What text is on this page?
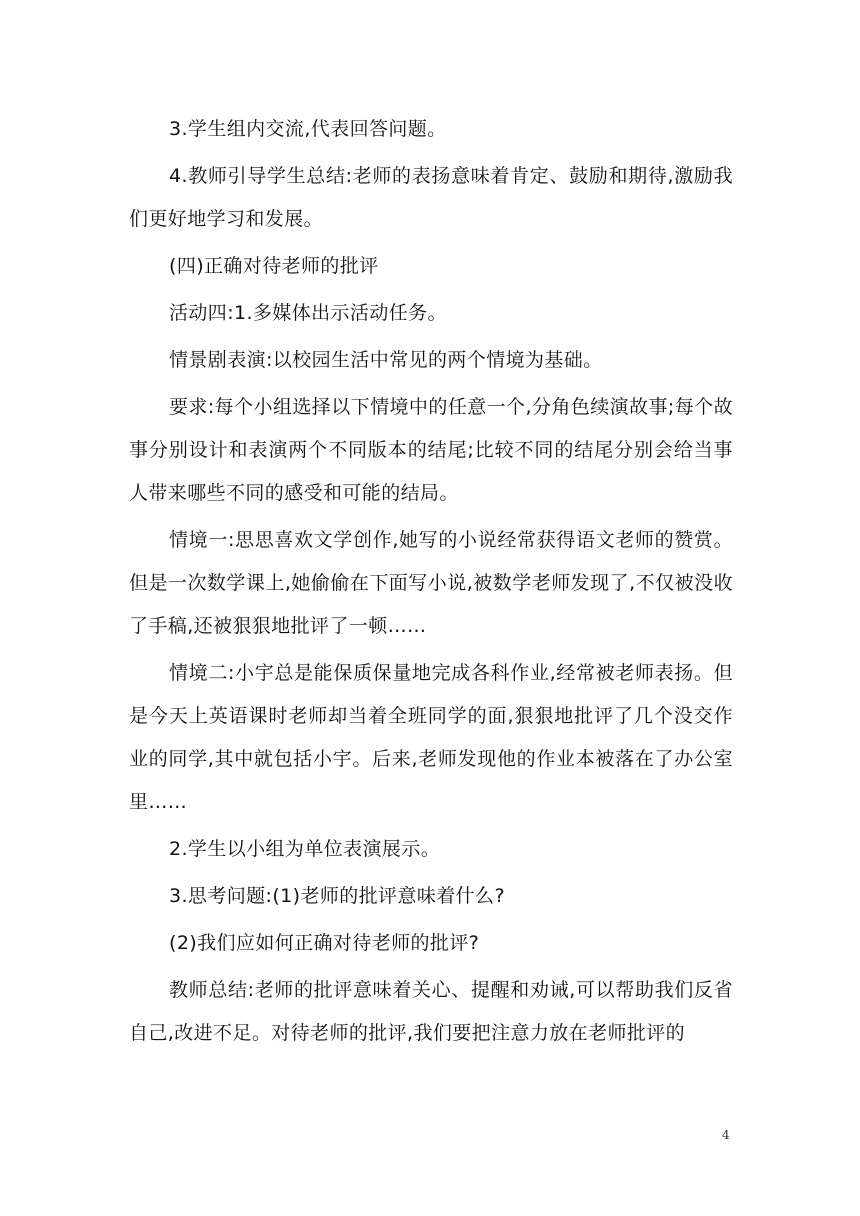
3.学生组内交流,代表回答问题。

4.教师引导学生总结:老师的表扬意味着肯定、鼓励和期待,激励我们更好地学习和发展。

(四)正确对待老师的批评

活动四:1.多媒体出示活动任务。

情景剧表演:以校园生活中常见的两个情境为基础。

要求:每个小组选择以下情境中的任意一个,分角色续演故事;每个故事分别设计和表演两个不同版本的结尾;比较不同的结尾分别会给当事人带来哪些不同的感受和可能的结局。

情境一:思思喜欢文学创作,她写的小说经常获得语文老师的赞赏。但是一次数学课上,她偷偷在下面写小说,被数学老师发现了,不仅被没收了手稿,还被狠狠地批评了一顿……

情境二:小宇总是能保质保量地完成各科作业,经常被老师表扬。但是今天上英语课时老师却当着全班同学的面,狠狠地批评了几个没交作业的同学,其中就包括小宇。后来,老师发现他的作业本被落在了办公室里……

2.学生以小组为单位表演展示。

3.思考问题:(1)老师的批评意味着什么?

(2)我们应如何正确对待老师的批评?

教师总结:老师的批评意味着关心、提醒和劝诫,可以帮助我们反省自己,改进不足。对待老师的批评,我们要把注意力放在老师批评的

4
